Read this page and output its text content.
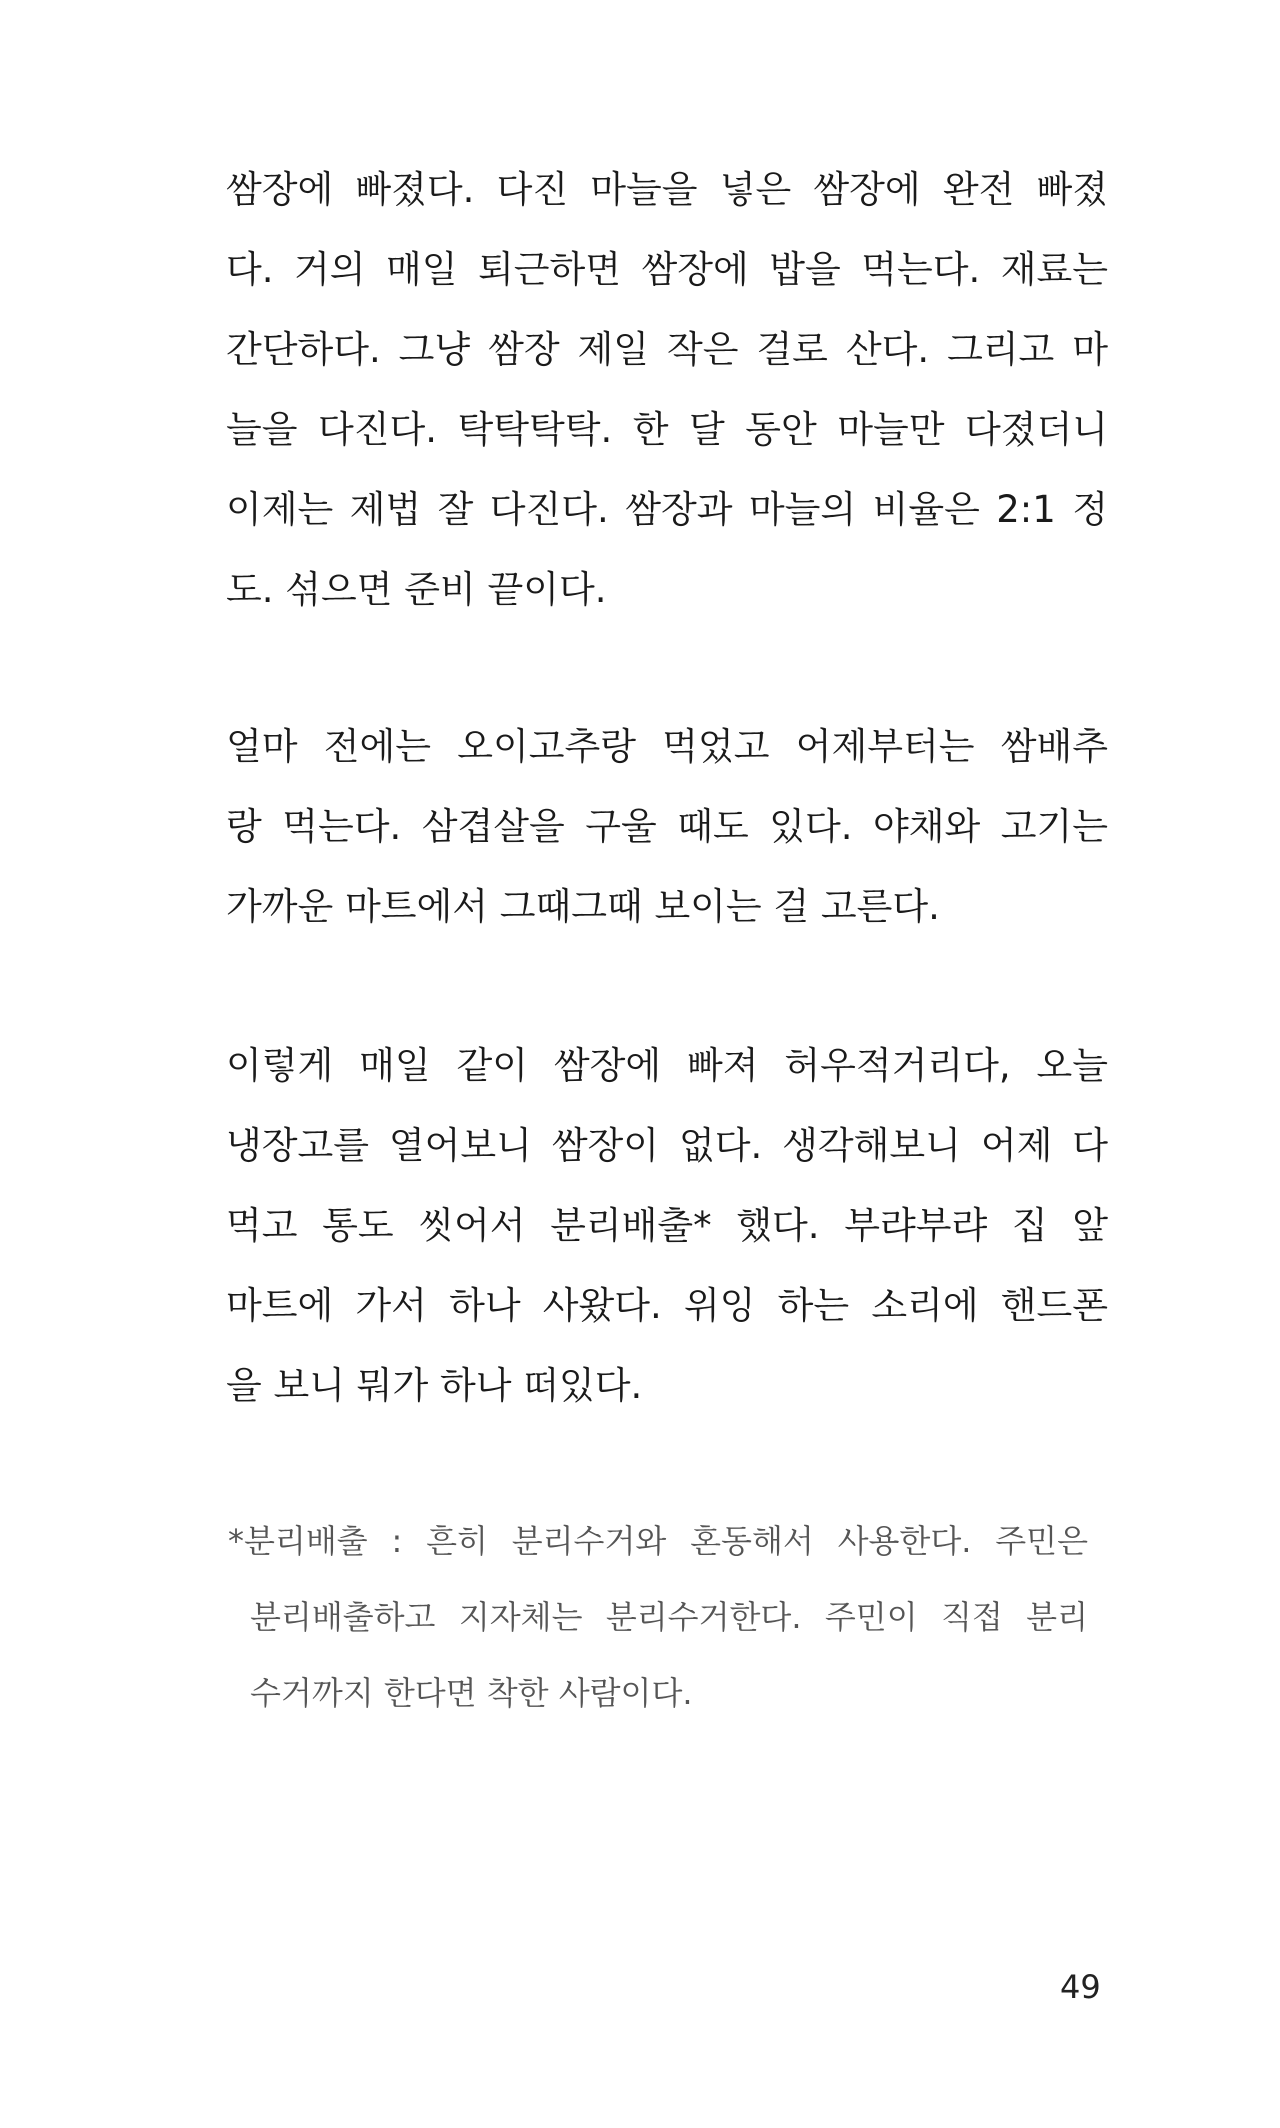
쌈장에 빠졌다. 다진 마늘을 넣은 쌈장에 완전 빠졌
다. 거의 매일 퇴근하면 쌈장에 밥을 먹는다. 재료는
간단하다. 그냥 쌈장 제일 작은 걸로 산다. 그리고 마
늘을 다진다. 탁탁탁탁. 한 달 동안 마늘만 다졌더니
이제는 제법 잘 다진다. 쌈장과 마늘의 비율은 2:1 정
도. 섞으면 준비 끝이다.
얼마 전에는 오이고추랑 먹었고 어제부터는 쌈배추
랑 먹는다. 삼겹살을 구울 때도 있다. 야채와 고기는
가까운 마트에서 그때그때 보이는 걸 고른다.
이렇게 매일 같이 쌈장에 빠져 허우적거리다, 오늘
냉장고를 열어보니 쌈장이 없다. 생각해보니 어제 다
먹고 통도 씻어서 분리배출* 했다. 부랴부랴 집 앞
마트에 가서 하나 사왔다. 위잉 하는 소리에 핸드폰
을 보니 뭐가 하나 떠있다.
*분리배출 : 흔히 분리수거와 혼동해서 사용한다. 주민은
분리배출하고 지자체는 분리수거한다. 주민이 직접 분리
수거까지 한다면 착한 사람이다.
49
